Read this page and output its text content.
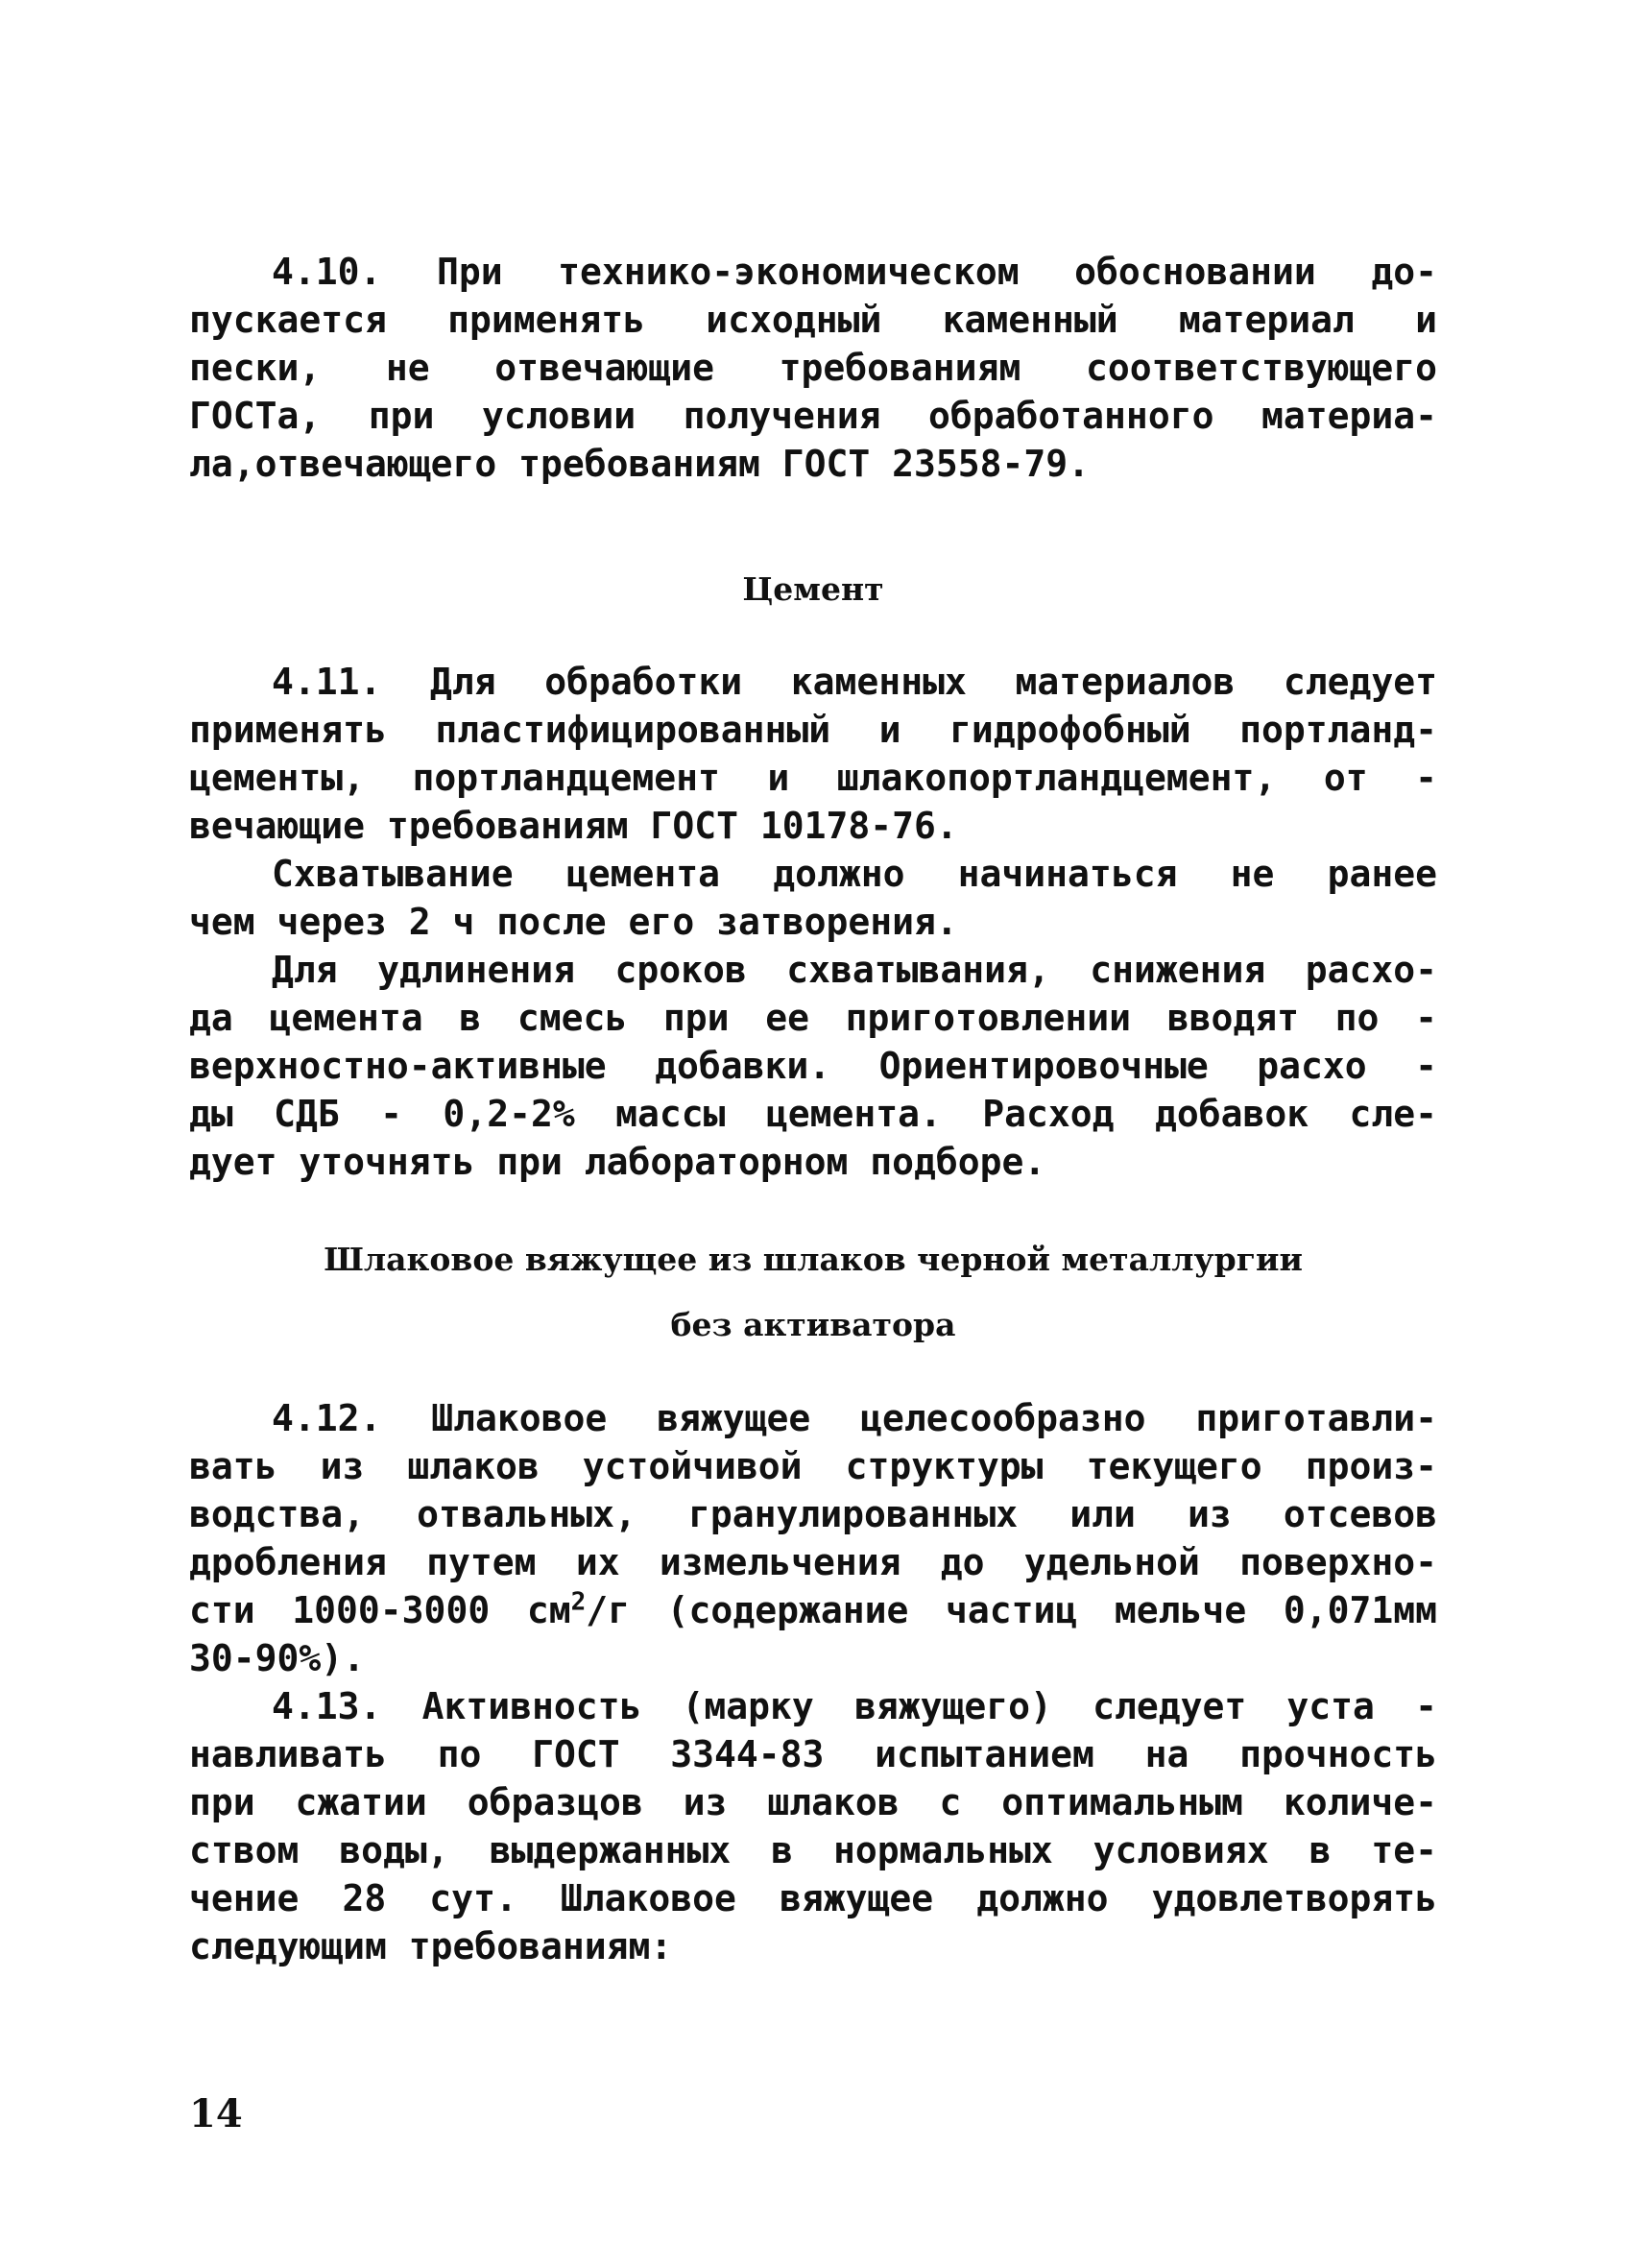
4.10. При технико-экономическом обосновании до-
пускается применять исходный каменный материал и
пески, не отвечающие требованиям соответствующего
ГОСТа, при условии получения обработанного материа-
ла,отвечающего требованиям ГОСТ 23558-79.
Цемент
4.11. Для обработки каменных материалов следует
применять пластифицированный и гидрофобный портланд-
цементы, портландцемент и шлакопортландцемент, от -
вечающие требованиям ГОСТ 10178-76.
Схватывание цемента должно начинаться не ранее
чем через 2 ч после его затворения.
Для удлинения сроков схватывания, снижения расхо-
да цемента в смесь при ее приготовлении вводят по -
верхностно-активные добавки. Ориентировочные расхо -
ды СДБ - 0,2-2% массы цемента. Расход добавок сле-
дует уточнять при лабораторном подборе.
Шлаковое вяжущее из шлаков черной металлургии
без активатора
4.12. Шлаковое вяжущее целесообразно приготавли-
вать из шлаков устойчивой структуры текущего произ-
водства, отвальных, гранулированных или из отсевов
дробления путем их измельчения до удельной поверхно-
сти 1000-3000 $см^2/г$ (содержание частиц мельче 0,071мм
30-90%).
4.13. Активность (марку вяжущего) следует уста -
навливать по ГОСТ 3344-83 испытанием на прочность
при сжатии образцов из шлаков с оптимальным количе-
ством воды, выдержанных в нормальных условиях в те-
чение 28 сут. Шлаковое вяжущее должно удовлетворять
следующим требованиям:
14
